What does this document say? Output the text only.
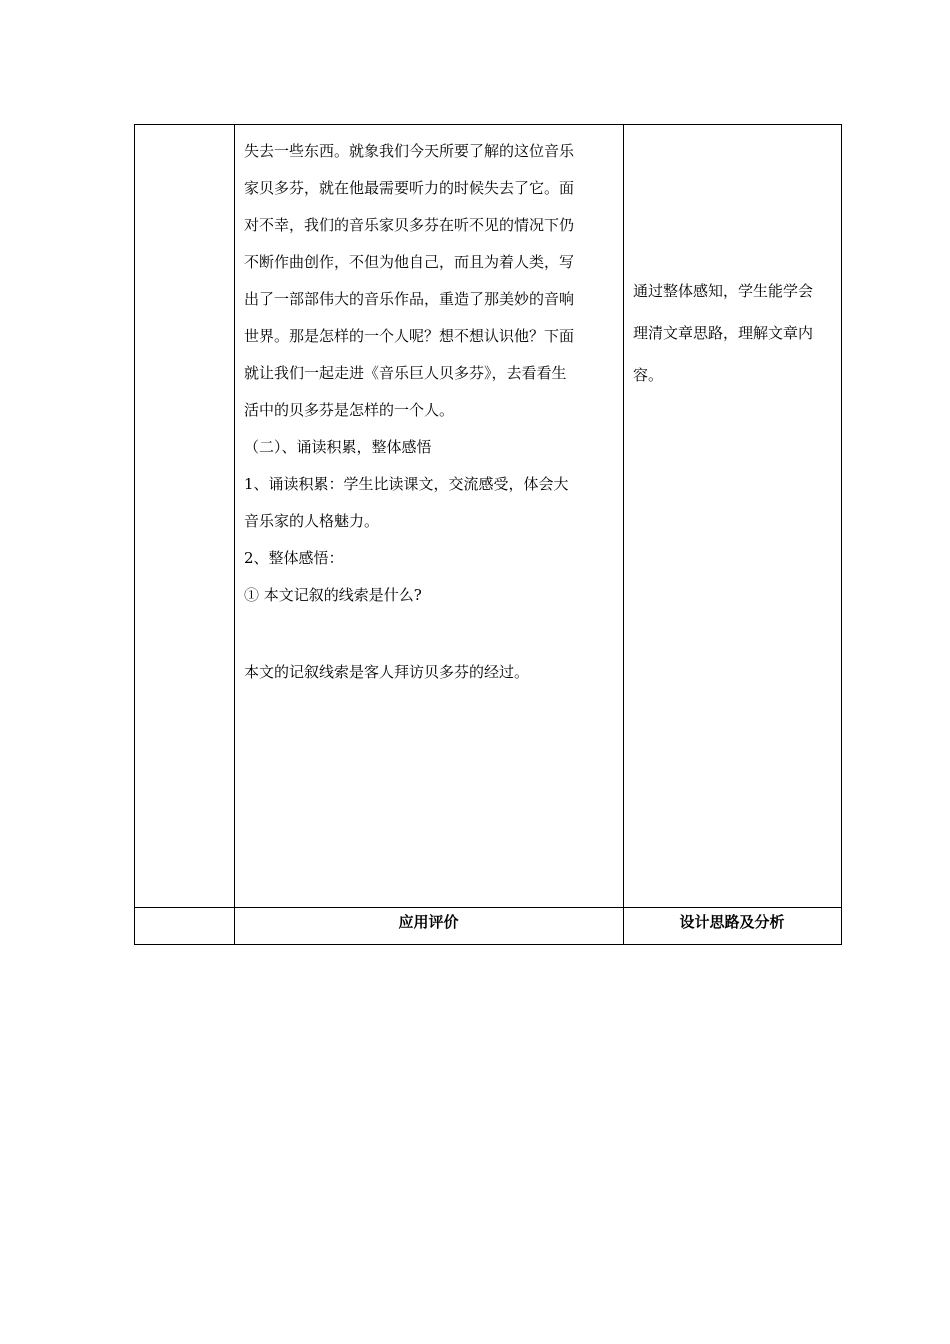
失去一些东西。就象我们今天所要了解的这位音乐
家贝多芬，就在他最需要听力的时候失去了它。面
对不幸，我们的音乐家贝多芬在听不见的情况下仍
不断作曲创作，不但为他自己，而且为着人类，写
出了一部部伟大的音乐作品，重造了那美妙的音响
世界。那是怎样的一个人呢？想不想认识他？下面
就让我们一起走进《音乐巨人贝多芬》，去看看生
活中的贝多芬是怎样的一个人。
（二）、诵读积累，整体感悟
1、诵读积累：学生比读课文，交流感受，体会大
音乐家的人格魅力。
2、整体感悟：
① 本文记叙的线索是什么?
本文的记叙线索是客人拜访贝多芬的经过。
通过整体感知，学生能学会
理清文章思路，理解文章内
容。
应用评价	设计思路及分析
